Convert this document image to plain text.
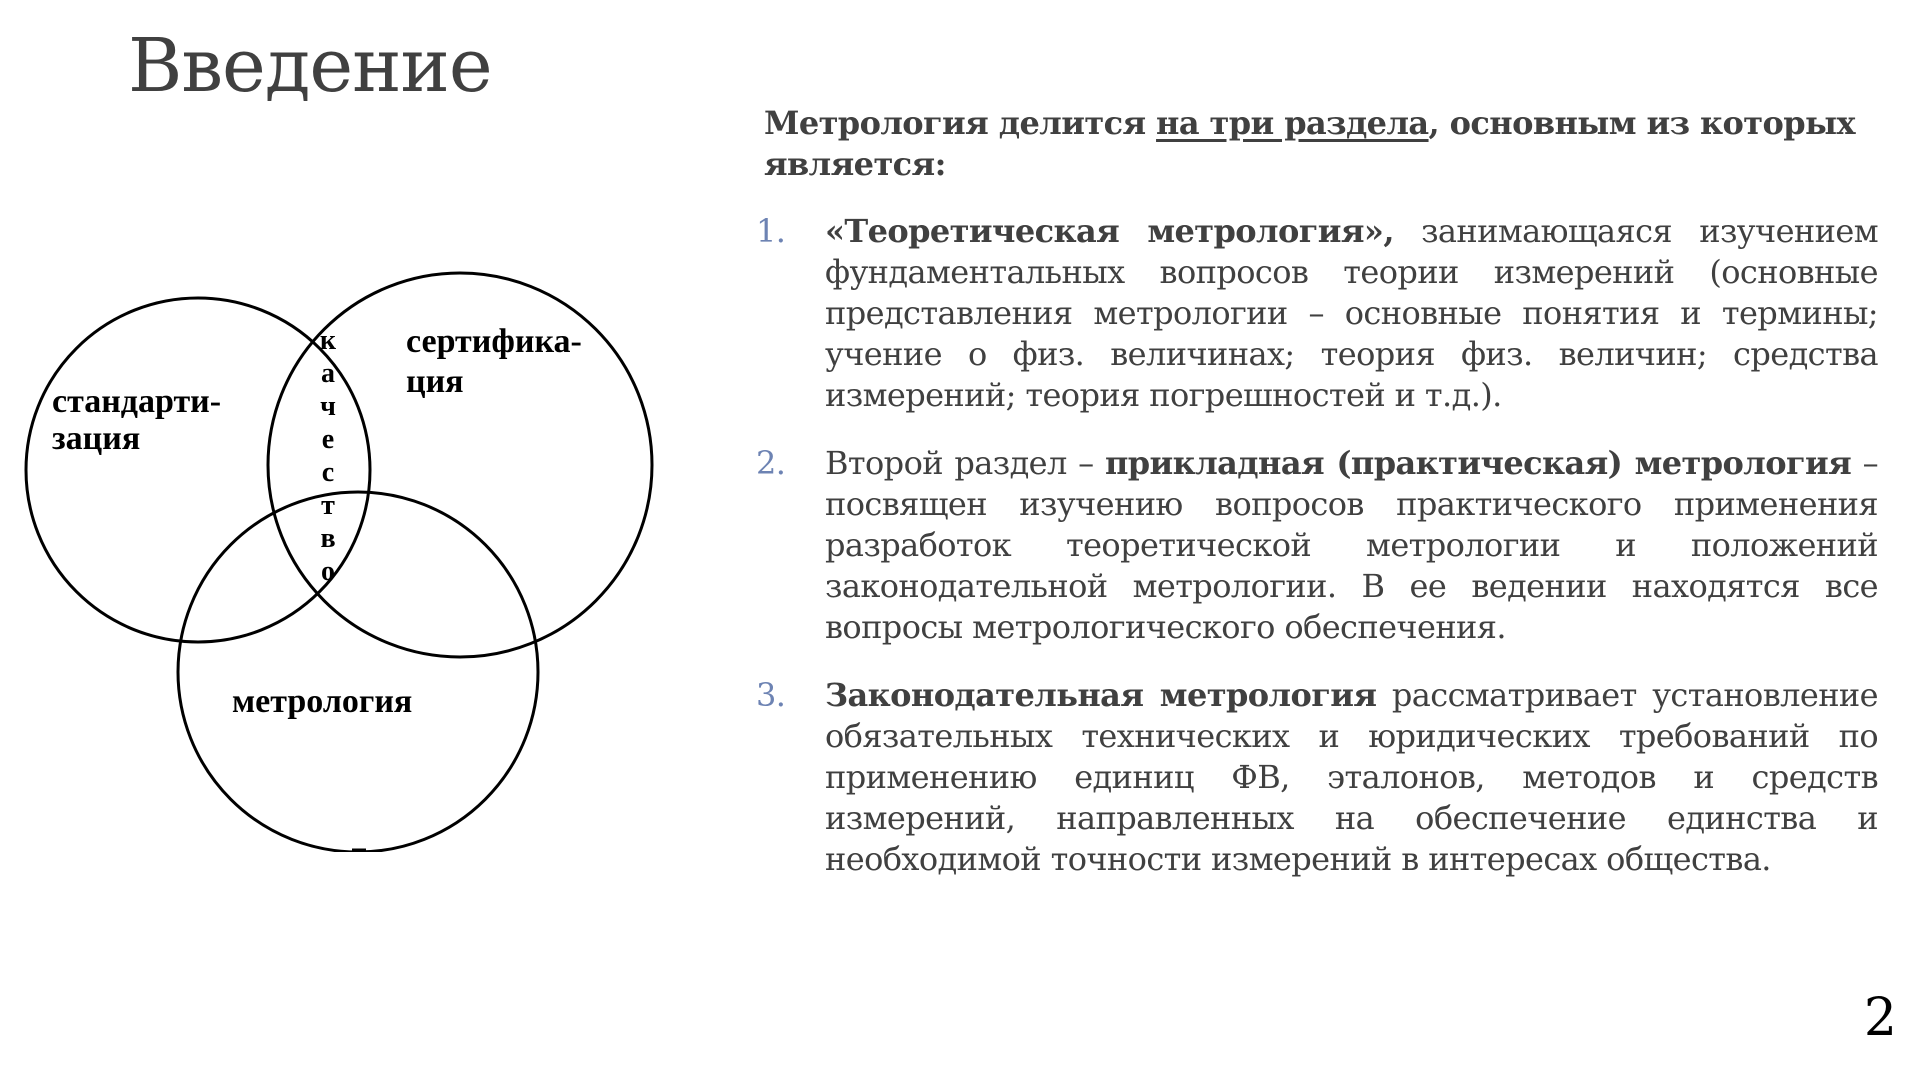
Введение
стандарти-
зация
сертифика-
ция
метрология
к
а
ч
е
с
т
в
о

Метрология делится на три раздела, основным из которых является:

1. «Теоретическая метрология», занимающаяся изучением фундаментальных вопросов теории измерений (основные представления метрологии – основные понятия и термины; учение о физ. величинах; теория физ. величин; средства измерений; теория погрешностей и т.д.).
2. Второй раздел – прикладная (практическая) метрология – посвящен изучению вопросов практического применения разработок теоретической метрологии и положений законодательной метрологии. В ее ведении находятся все вопросы метрологического обеспечения.
3. Законодательная метрология рассматривает установление обязательных технических и юридических требований по применению единиц ФВ, эталонов, методов и средств измерений, направленных на обеспечение единства и необходимой точности измерений в интересах общества.
2
